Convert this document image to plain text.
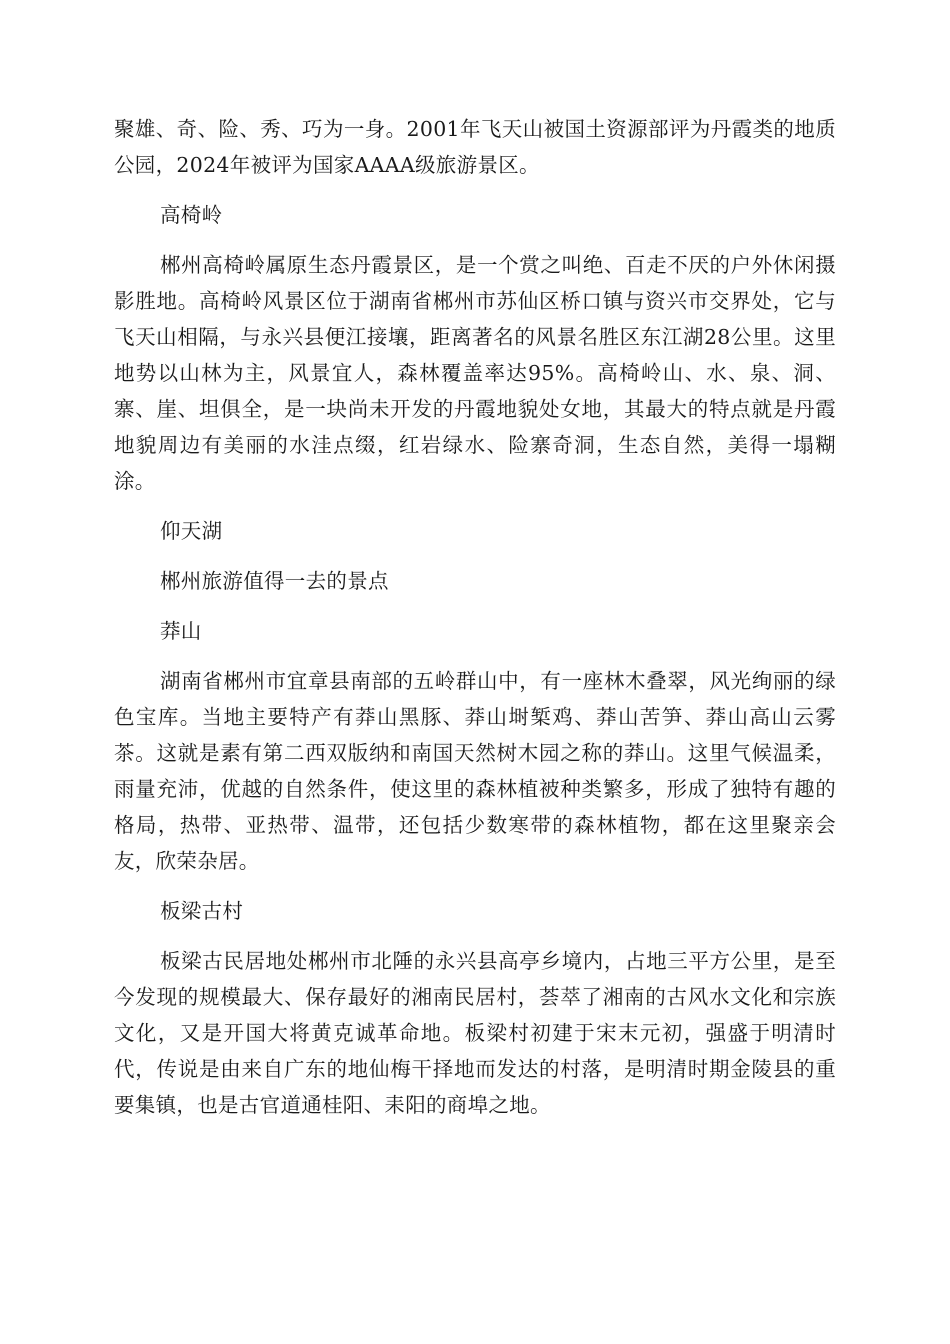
聚雄、奇、险、秀、巧为一身。2001年飞天山被国土资源部评为丹霞类的地质公园，2024年被评为国家AAAA级旅游景区。

高椅岭

郴州高椅岭属原生态丹霞景区，是一个赏之叫绝、百走不厌的户外休闲摄影胜地。高椅岭风景区位于湖南省郴州市苏仙区桥口镇与资兴市交界处，它与飞天山相隔，与永兴县便江接壤，距离著名的风景名胜区东江湖28公里。这里地势以山林为主，风景宜人，森林覆盖率达95%。高椅岭山、水、泉、洞、寨、崖、坦俱全，是一块尚未开发的丹霞地貌处女地，其最大的特点就是丹霞地貌周边有美丽的水洼点缀，红岩绿水、险寨奇洞，生态自然，美得一塌糊涂。

仰天湖

郴州旅游值得一去的景点

莽山

湖南省郴州市宜章县南部的五岭群山中，有一座林木叠翠，风光绚丽的绿色宝库。当地主要特产有莽山黑豚、莽山埘椠鸡、莽山苦笋、莽山高山云雾茶。这就是素有第二西双版纳和南国天然树木园之称的莽山。这里气候温柔，雨量充沛，优越的自然条件，使这里的森林植被种类繁多，形成了独特有趣的格局，热带、亚热带、温带，还包括少数寒带的森林植物，都在这里聚亲会友，欣荣杂居。

板梁古村

板梁古民居地处郴州市北陲的永兴县高亭乡境内，占地三平方公里，是至今发现的规模最大、保存最好的湘南民居村，荟萃了湘南的古风水文化和宗族文化，又是开国大将黄克诚革命地。板梁村初建于宋末元初，强盛于明清时代，传说是由来自广东的地仙梅干择地而发达的村落，是明清时期金陵县的重要集镇，也是古官道通桂阳、耒阳的商埠之地。
